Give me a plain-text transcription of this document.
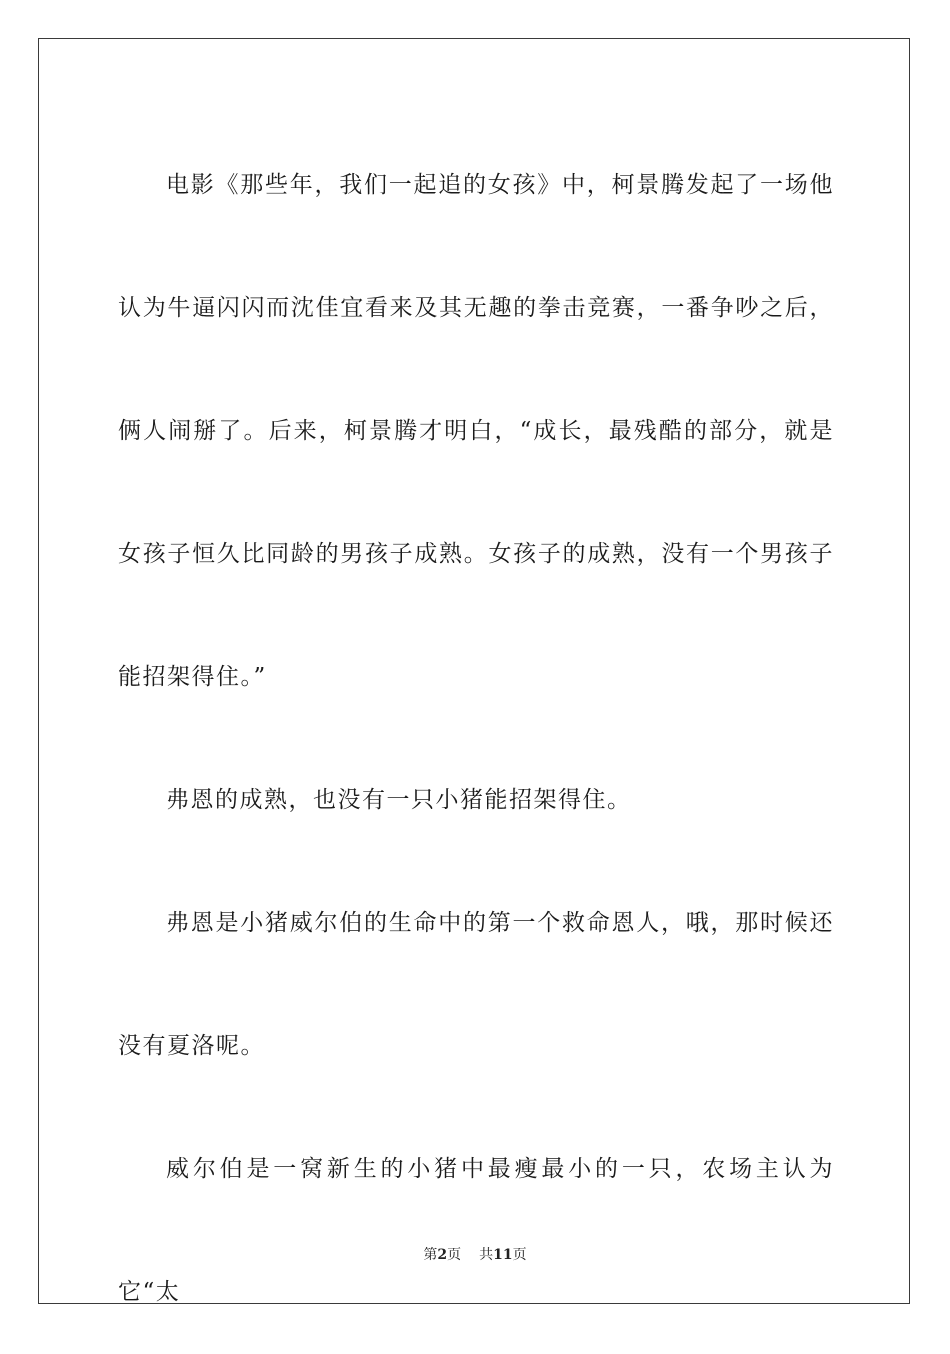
电影《那些年，我们一起追的女孩》中，柯景腾发起了一场他认为牛逼闪闪而沈佳宜看来及其无趣的拳击竞赛，一番争吵之后，俩人闹掰了。后来，柯景腾才明白，“成长，最残酷的部分，就是女孩子恒久比同龄的男孩子成熟。女孩子的成熟，没有一个男孩子能招架得住。”

弗恩的成熟，也没有一只小猪能招架得住。

弗恩是小猪威尔伯的生命中的第一个救命恩人，哦，那时候还没有夏洛呢。

威尔伯是一窝新生的小猪中最瘦最小的一只，农场主认为它“太

第2页 共11页
